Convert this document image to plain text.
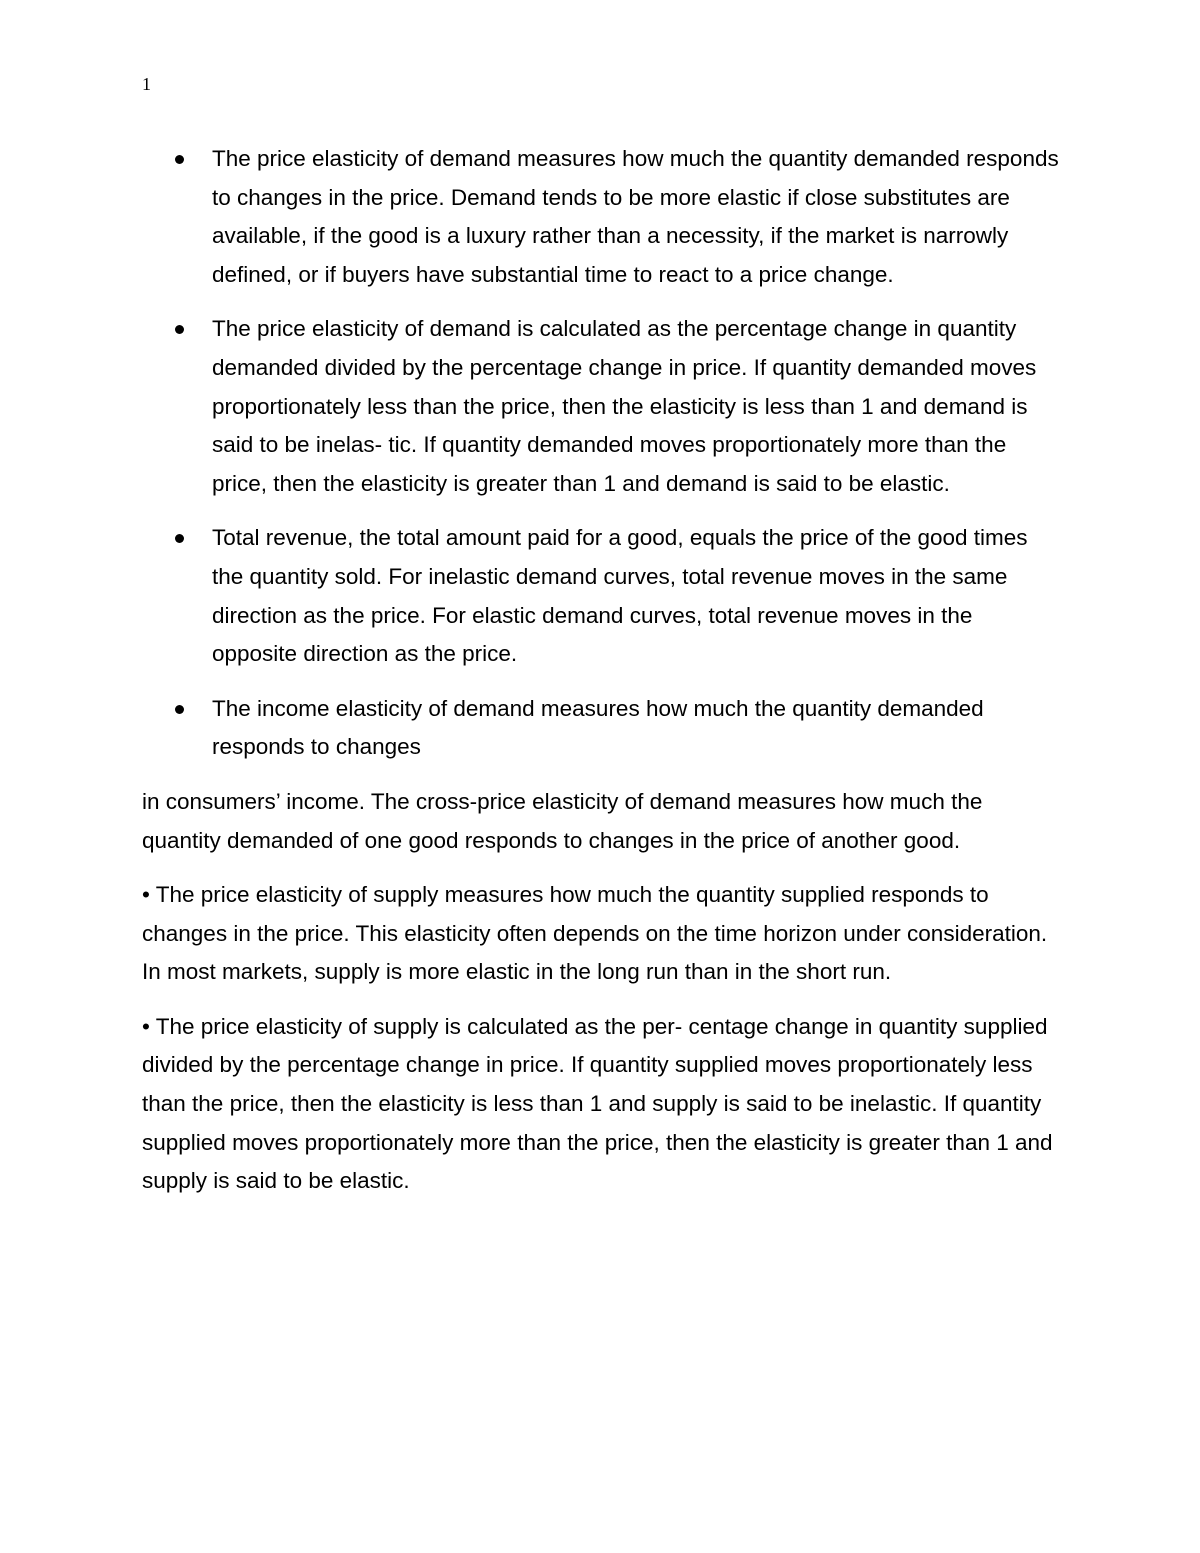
1
The price elasticity of demand measures how much the quantity demanded responds to changes in the price. Demand tends to be more elastic if close substitutes are available, if the good is a luxury rather than a necessity, if the market is narrowly defined, or if buyers have substantial time to react to a price change.
The price elasticity of demand is calculated as the percentage change in quantity demanded divided by the percentage change in price. If quantity demanded moves proportionately less than the price, then the elasticity is less than 1 and demand is said to be inelas- tic. If quantity demanded moves proportionately more than the price, then the elasticity is greater than 1 and demand is said to be elastic.
Total revenue, the total amount paid for a good, equals the price of the good times the quantity sold. For inelastic demand curves, total revenue moves in the same direction as the price. For elastic demand curves, total revenue moves in the opposite direction as the price.
The income elasticity of demand measures how much the quantity demanded responds to changes

in consumers’ income. The cross-price elasticity of demand measures how much the quantity demanded of one good responds to changes in the price of another good.

• The price elasticity of supply measures how much the quantity supplied responds to changes in the price. This elasticity often depends on the time horizon under consideration. In most markets, supply is more elastic in the long run than in the short run.

• The price elasticity of supply is calculated as the per- centage change in quantity supplied divided by the percentage change in price. If quantity supplied moves proportionately less than the price, then the elasticity is less than 1 and supply is said to be inelastic. If quantity supplied moves proportionately more than the price, then the elasticity is greater than 1 and supply is said to be elastic.
